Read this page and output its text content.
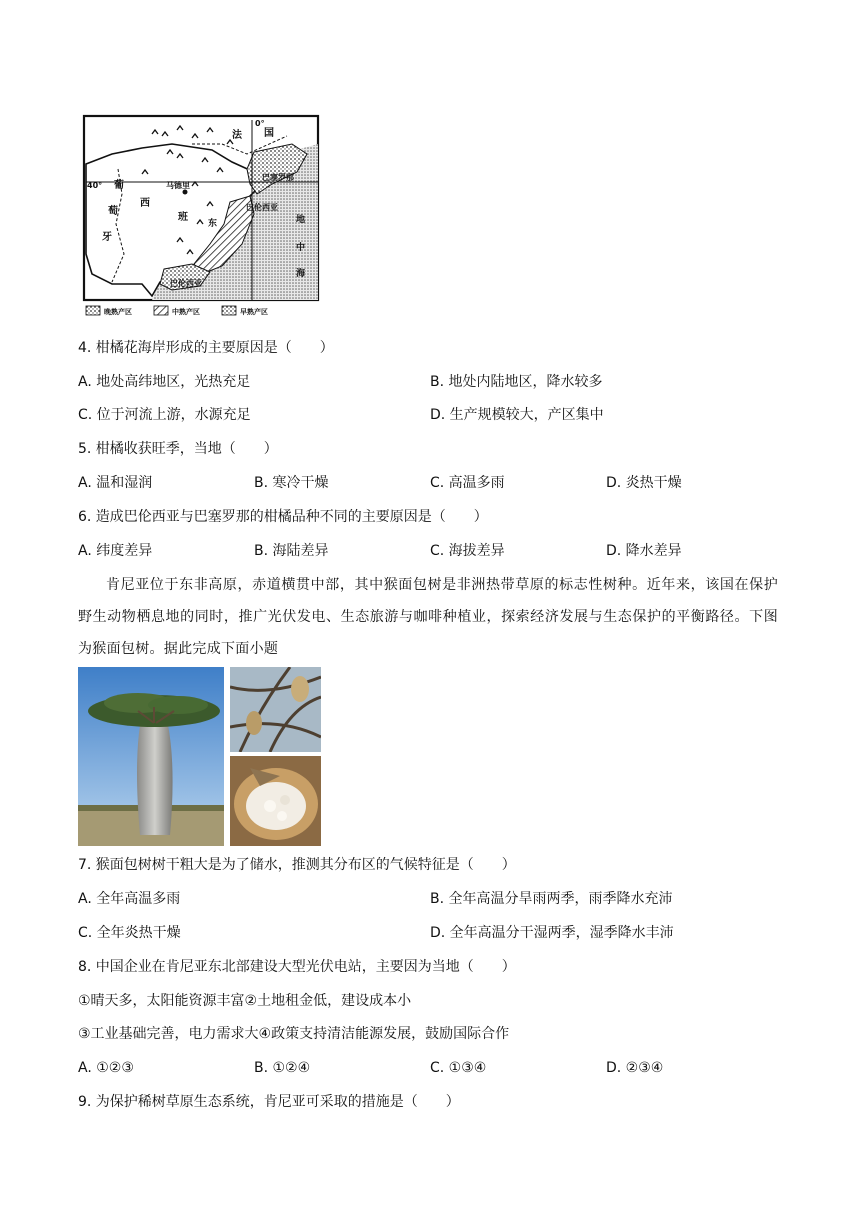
法 国
0°
40° 葡
萄
牙
西
班
马德里
巴塞罗那
巴伦西亚
东	地
中
海
巴伦西亚
晚熟产区	中熟产区	早熟产区
4. 柑橘花海岸形成的主要原因是（　　）
A. 地处高纬地区，光热充足	B. 地处内陆地区，降水较多
C. 位于河流上游，水源充足	D. 生产规模较大，产区集中
5. 柑橘收获旺季，当地（　　）
A. 温和湿润	B. 寒冷干燥	C. 高温多雨	D. 炎热干燥
6. 造成巴伦西亚与巴塞罗那的柑橘品种不同的主要原因是（　　）
A. 纬度差异	B. 海陆差异	C. 海拔差异	D. 降水差异
肯尼亚位于东非高原，赤道横贯中部，其中猴面包树是非洲热带草原的标志性树种。近年来，该国在保护野生动物栖息地的同时，推广光伏发电、生态旅游与咖啡种植业，探索经济发展与生态保护的平衡路径。下图为猴面包树。据此完成下面小题
7. 猴面包树树干粗大是为了储水，推测其分布区的气候特征是（　　）
A. 全年高温多雨	B. 全年高温分旱雨两季，雨季降水充沛
C. 全年炎热干燥	D. 全年高温分干湿两季，湿季降水丰沛
8. 中国企业在肯尼亚东北部建设大型光伏电站，主要因为当地（　　）
①晴天多，太阳能资源丰富②土地租金低，建设成本小
③工业基础完善，电力需求大④政策支持清洁能源发展，鼓励国际合作
A. ①②③	B. ①②④	C. ①③④	D. ②③④
9. 为保护稀树草原生态系统，肯尼亚可采取的措施是（　　）
